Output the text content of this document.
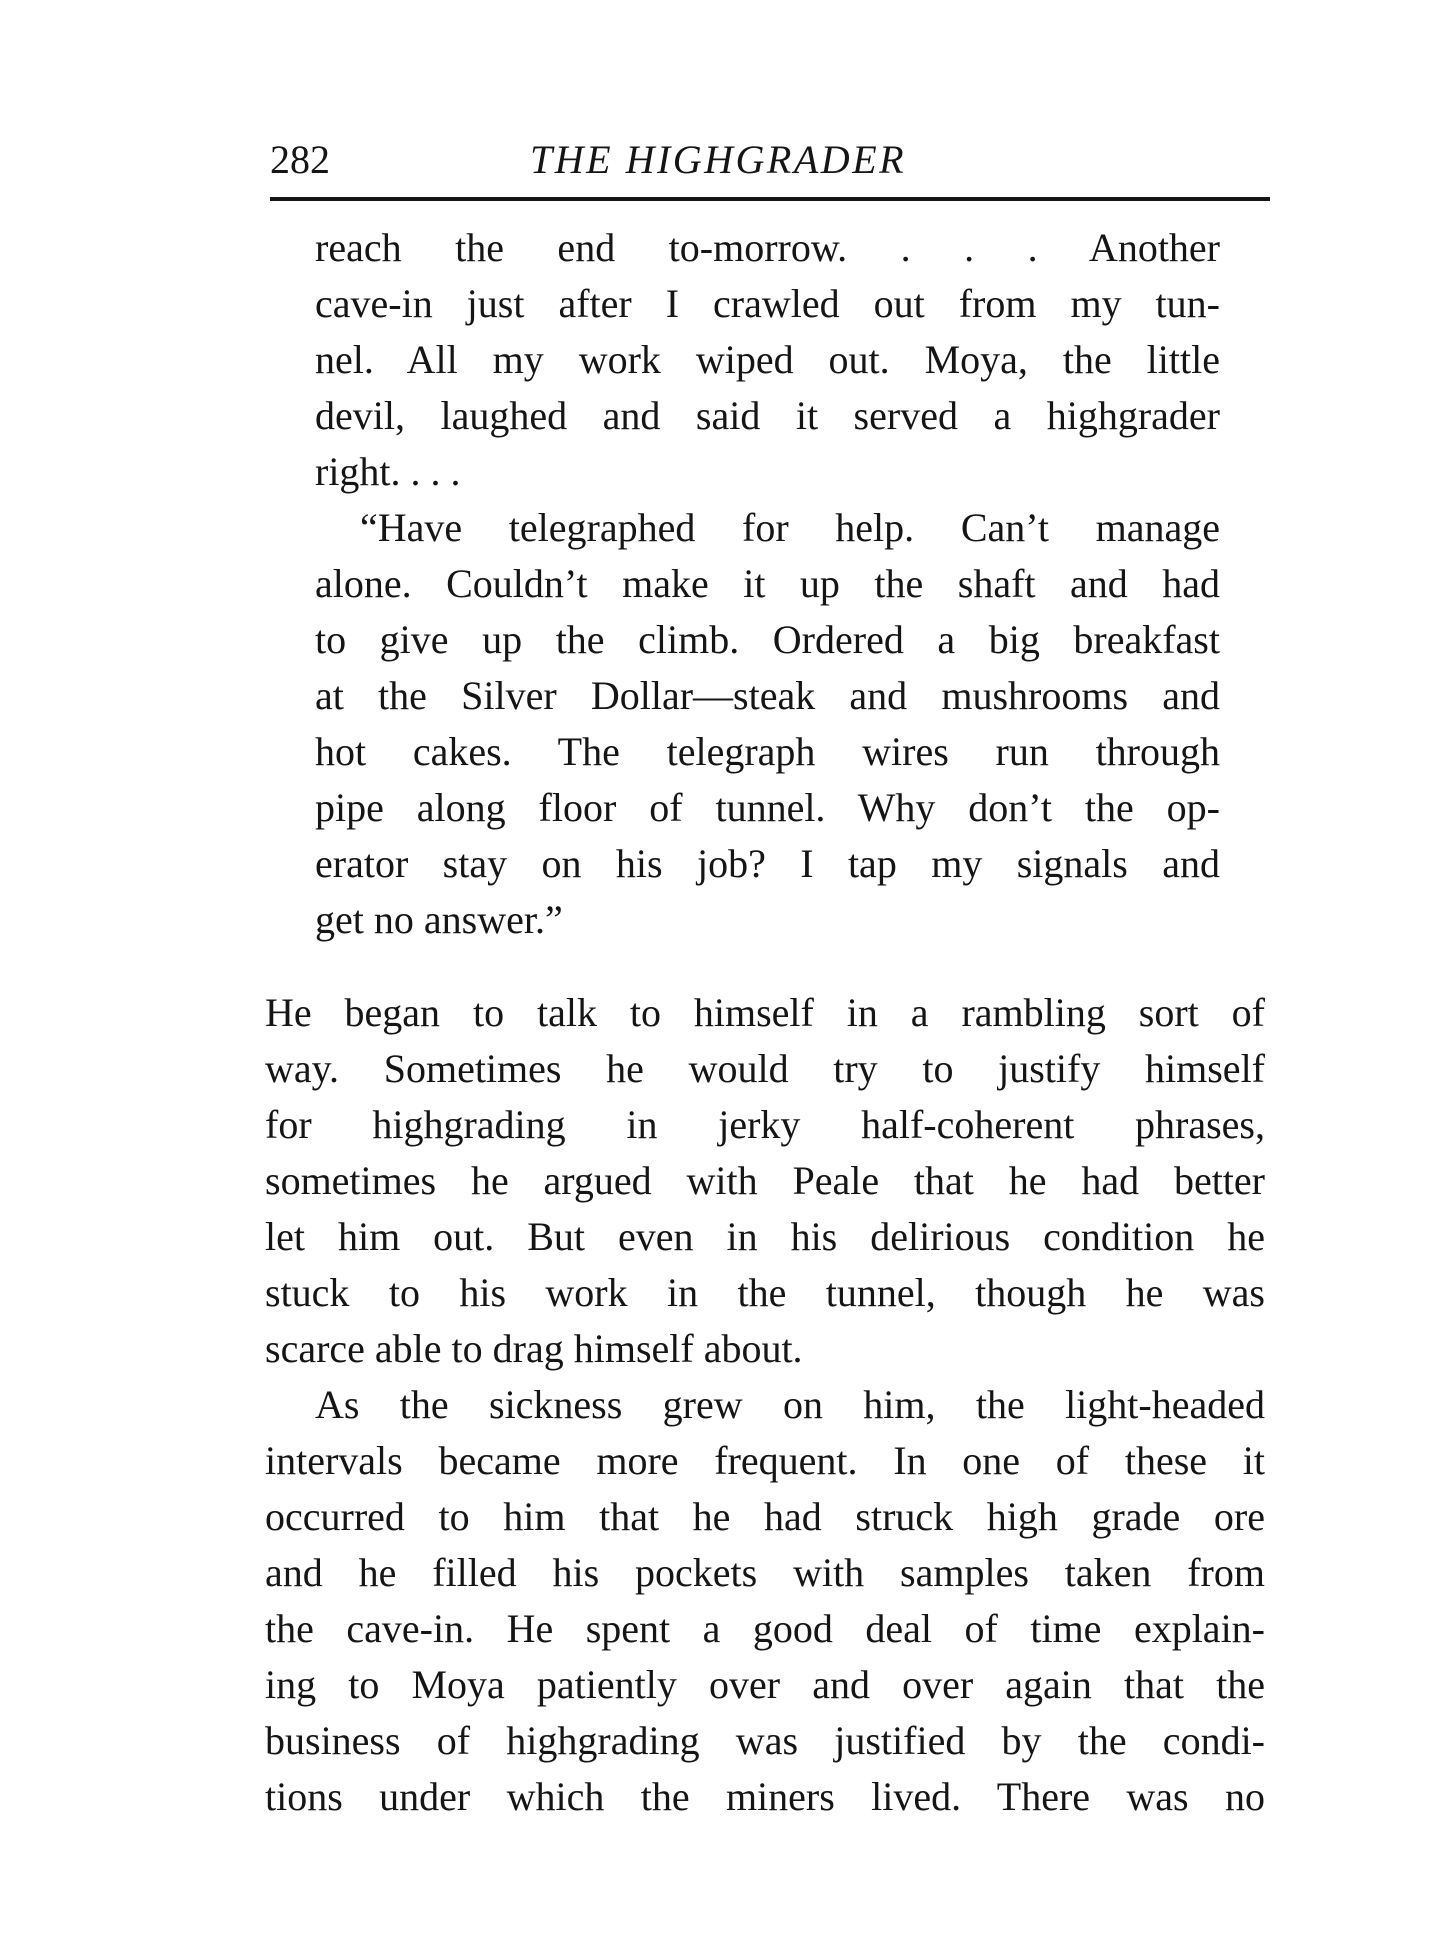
282	THE HIGHGRADER
reach the end to-morrow. . . . Another
cave-in just after I crawled out from my tun-
nel. All my work wiped out. Moya, the little
devil, laughed and said it served a highgrader
right. . . .
“Have telegraphed for help. Can’t manage
alone. Couldn’t make it up the shaft and had
to give up the climb. Ordered a big breakfast
at the Silver Dollar—steak and mushrooms and
hot cakes. The telegraph wires run through
pipe along floor of tunnel. Why don’t the op-
erator stay on his job? I tap my signals and
get no answer.”
He began to talk to himself in a rambling sort of
way. Sometimes he would try to justify himself
for highgrading in jerky half-coherent phrases,
sometimes he argued with Peale that he had better
let him out. But even in his delirious condition he
stuck to his work in the tunnel, though he was
scarce able to drag himself about.
As the sickness grew on him, the light-headed
intervals became more frequent. In one of these it
occurred to him that he had struck high grade ore
and he filled his pockets with samples taken from
the cave-in. He spent a good deal of time explain-
ing to Moya patiently over and over again that the
business of highgrading was justified by the condi-
tions under which the miners lived. There was no
